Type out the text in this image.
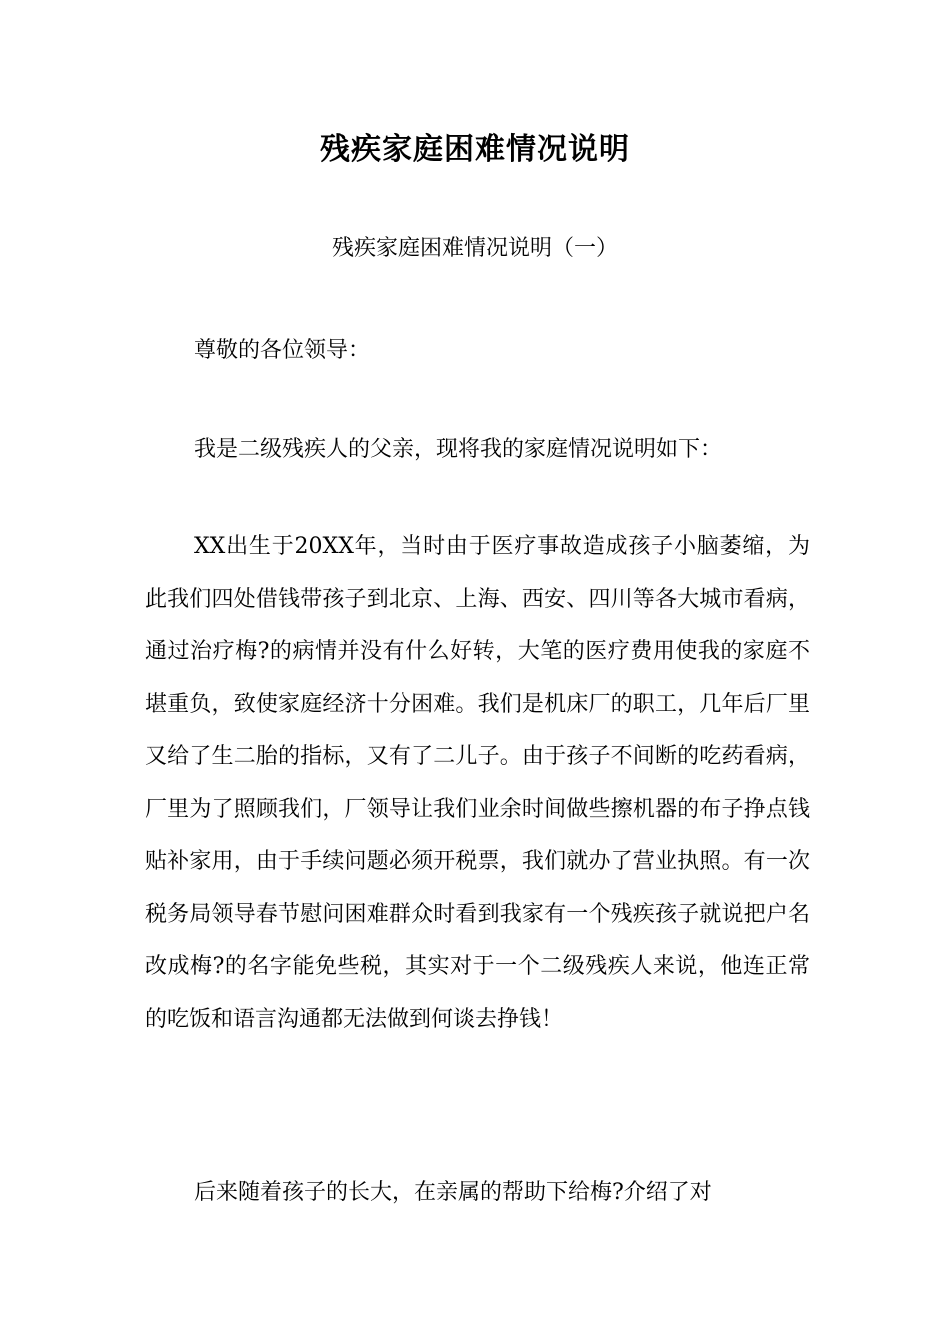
残疾家庭困难情况说明

残疾家庭困难情况说明（一）

尊敬的各位领导：

我是二级残疾人的父亲，现将我的家庭情况说明如下：

XX出生于20XX年，当时由于医疗事故造成孩子小脑萎缩，为此我们四处借钱带孩子到北京、上海、西安、四川等各大城市看病，通过治疗梅?的病情并没有什么好转，大笔的医疗费用使我的家庭不堪重负，致使家庭经济十分困难。我们是机床厂的职工，几年后厂里又给了生二胎的指标，又有了二儿子。由于孩子不间断的吃药看病，厂里为了照顾我们，厂领导让我们业余时间做些擦机器的布子挣点钱贴补家用，由于手续问题必须开税票，我们就办了营业执照。有一次税务局领导春节慰问困难群众时看到我家有一个残疾孩子就说把户名改成梅?的名字能免些税，其实对于一个二级残疾人来说，他连正常的吃饭和语言沟通都无法做到何谈去挣钱！

后来随着孩子的长大，在亲属的帮助下给梅?介绍了对
